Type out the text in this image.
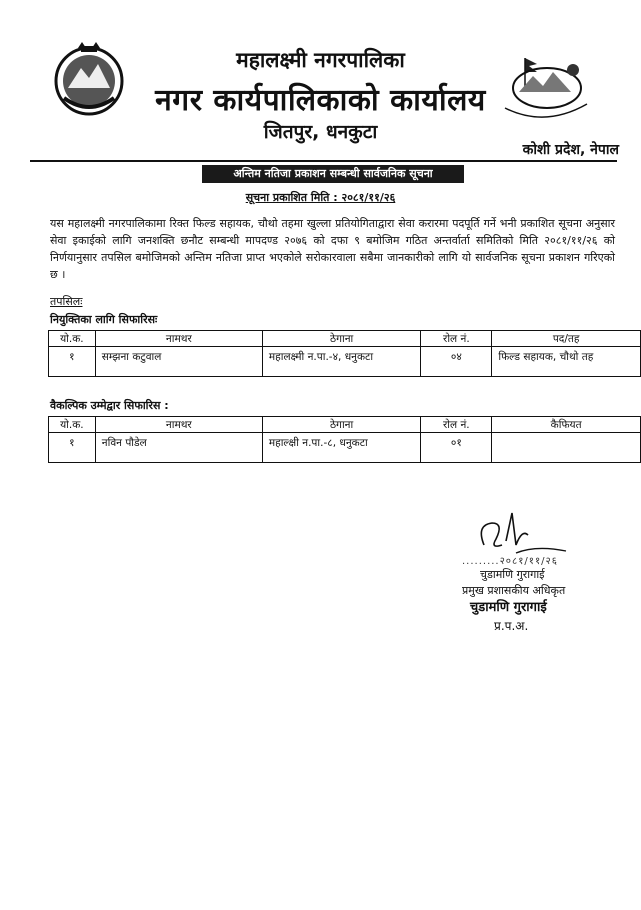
महालक्ष्मी नगरपालिका
नगर कार्यपालिकाको कार्यालय
जितपुर, धनकुटा
कोशी प्रदेश, नेपाल
अन्तिम नतिजा प्रकाशन सम्बन्धी सार्वजनिक सूचना
सूचना प्रकाशित मिति : २०८१/११/२६
यस महालक्ष्मी नगरपालिकामा रिक्त फिल्ड सहायक, चौथो तहमा खुल्ला प्रतियोगिताद्वारा सेवा करारमा पदपूर्ति गर्ने भनी प्रकाशित सूचना अनुसार सेवा इकाईको लागि जनशक्ति छनौट सम्बन्धी मापदण्ड २०७६ को दफा ९ बमोजिम गठित अन्तर्वार्ता समितिको मिति २०८१/११/२६ को निर्णयानुसार तपसिल बमोजिमको अन्तिम नतिजा प्राप्त भएकोले सरोकारवाला सबैमा जानकारीको लागि यो सार्वजनिक सूचना प्रकाशन गरिएको छ ।
तपसिलः
नियुक्तिका लागि सिफारिसः
यो.क.	नामथर	ठेगाना	रोल नं.	पद/तह
१	सम्झना कटुवाल	महालक्ष्मी न.पा.-४, धनुकटा	०४	फिल्ड सहायक, चौथो तह
वैकल्पिक उम्मेद्वार सिफारिस :
यो.क.	नामथर	ठेगाना	रोल नं.	कैफियत
१	नविन पौडेल	महाल्क्षी न.पा.-८, धनुकटा	०१	
.........२०८१/११/२६
चुडामणि गुरागाई
प्रमुख प्रशासकीय अधिकृत
चुडामणि गुरागाई
प्र.प.अ.
